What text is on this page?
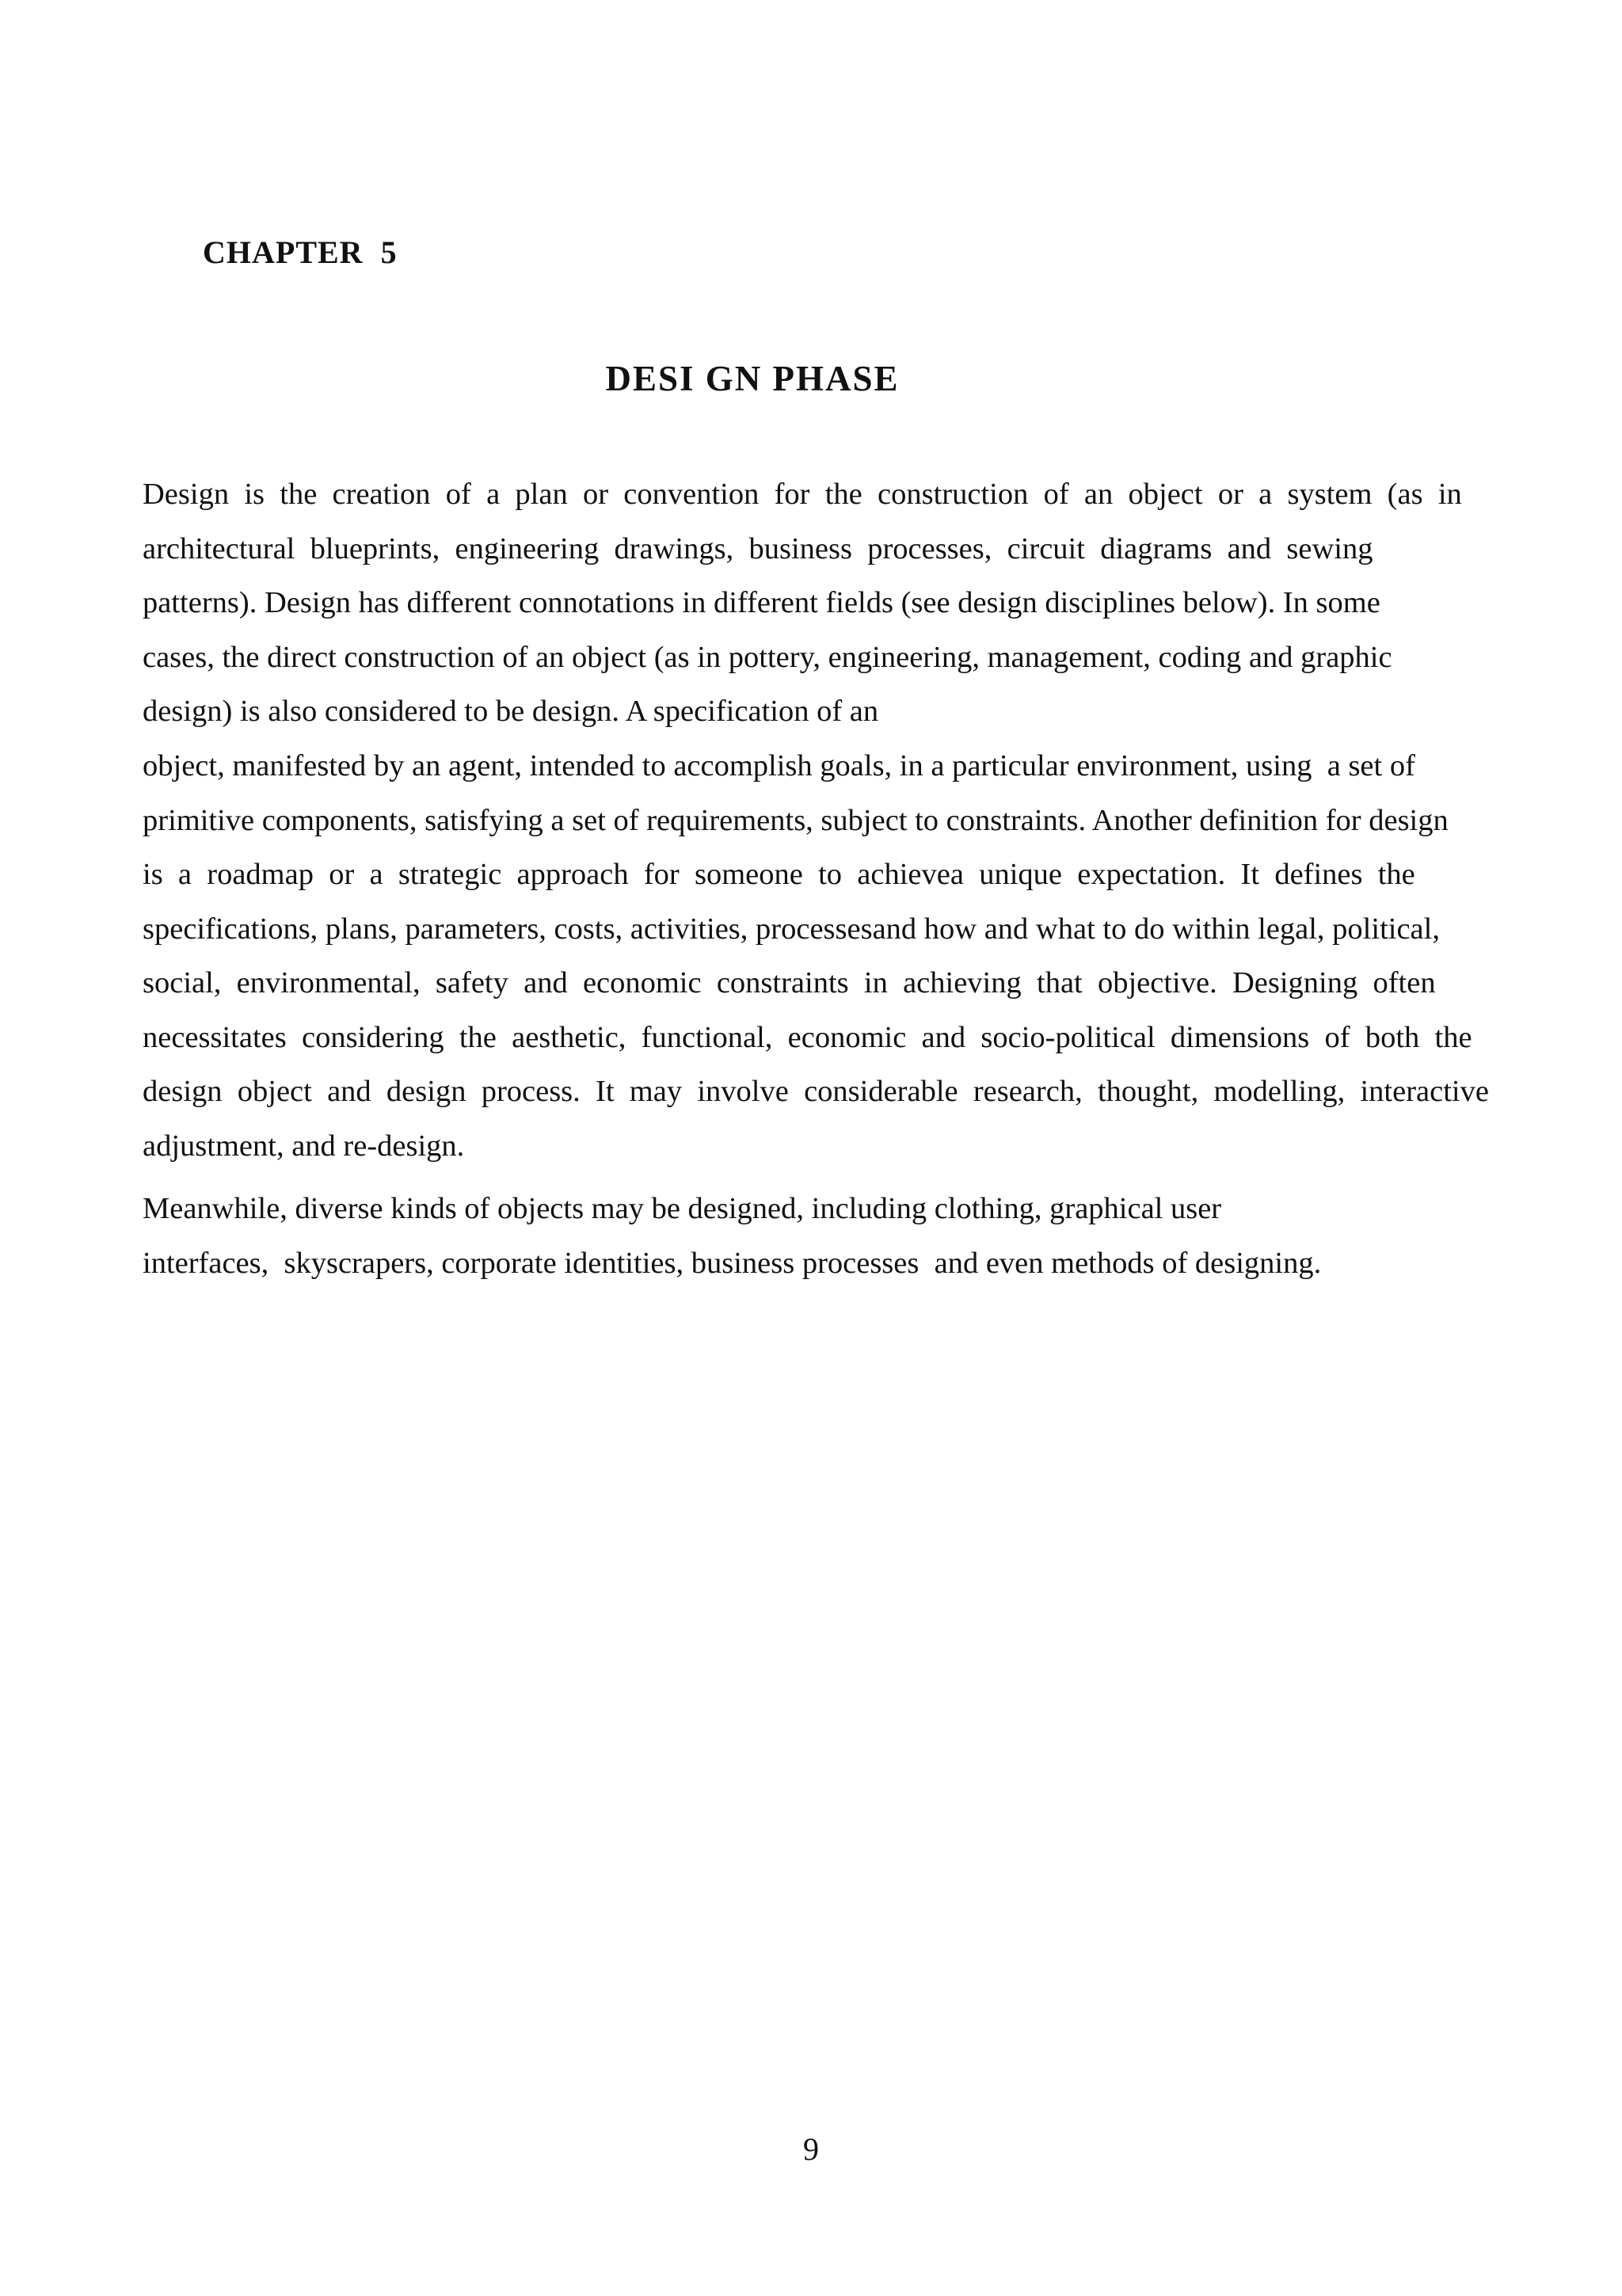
CHAPTER  5
DESI GN PHASE
Design  is  the  creation  of  a  plan  or  convention  for  the  construction  of  an  object  or  a  system  (as  in
architectural  blueprints,  engineering  drawings,  business  processes,  circuit  diagrams  and  sewing
patterns). Design has different connotations in different fields (see design disciplines below). In some
cases, the direct construction of an object (as in pottery, engineering, management, coding and graphic
design) is also considered to be design. A specification of an
object, manifested by an agent, intended to accomplish goals, in a particular environment, using  a set of
primitive components, satisfying a set of requirements, subject to constraints. Another definition for design
is  a  roadmap  or  a  strategic  approach  for  someone  to  achievea  unique  expectation.  It  defines  the
specifications, plans, parameters, costs, activities, processesand how and what to do within legal, political,
social,  environmental,  safety  and  economic  constraints  in  achieving  that  objective.  Designing  often
necessitates  considering  the  aesthetic,  functional,  economic  and  socio-political  dimensions  of  both  the
design  object  and  design  process.  It  may  involve  considerable  research,  thought,  modelling,  interactive
adjustment, and re-design.
Meanwhile, diverse kinds of objects may be designed, including clothing, graphical user
interfaces,  skyscrapers, corporate identities, business processes  and even methods of designing.
9
